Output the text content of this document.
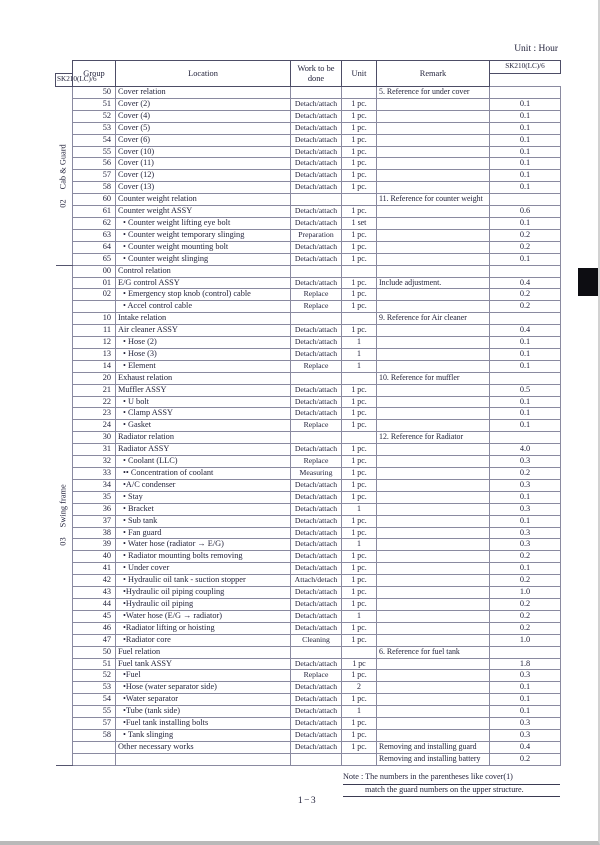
Unit : Hour
	Group	Location	Work to be done	Unit	Remark	SK210(LC)/6
SK210(LC)/6						

02
Cab & Guard	50	Cover relation			5. Reference for under cover	
	51	Cover (2)	Detach/attach	1 pc.		0.1
	52	Cover (4)	Detach/attach	1 pc.		0.1
	53	Cover (5)	Detach/attach	1 pc.		0.1
	54	Cover (6)	Detach/attach	1 pc.		0.1
	55	Cover (10)	Detach/attach	1 pc.		0.1
	56	Cover (11)	Detach/attach	1 pc.		0.1
	57	Cover (12)	Detach/attach	1 pc.		0.1
	58	Cover (13)	Detach/attach	1 pc.		0.1
	60	Counter weight relation			11. Reference for counter weight	
	61	Counter weight ASSY	Detach/attach	1 pc.		0.6
	62	• Counter weight lifting eye bolt	Detach/attach	1 set		0.1
	63	• Counter weight temporary slinging	Preparation	1 pc.		0.2
	64	• Counter weight mounting bolt	Detach/attach	1 pc.		0.2
	65	• Counter weight slinging	Detach/attach	1 pc.		0.1

03
Swing frame	00	Control relation				
	01	E/G control ASSY	Detach/attach	1 pc.	Include adjustment.	0.4
	02	• Emergency stop knob (control) cable	Replace	1 pc.		0.2
		• Accel control cable	Replace	1 pc.		0.2
	10	Intake relation			9. Reference for Air cleaner	
	11	Air cleaner ASSY	Detach/attach	1 pc.		0.4
	12	• Hose (2)	Detach/attach	1		0.1
	13	• Hose (3)	Detach/attach	1		0.1
	14	• Element	Replace	1		0.1
	20	Exhaust relation			10. Reference for muffler	
	21	Muffler ASSY	Detach/attach	1 pc.		0.5
	22	• U bolt	Detach/attach	1 pc.		0.1
	23	• Clamp ASSY	Detach/attach	1 pc.		0.1
	24	• Gasket	Replace	1 pc.		0.1
	30	Radiator relation			12. Reference for Radiator	
	31	Radiator ASSY	Detach/attach	1 pc.		4.0
	32	• Coolant (LLC)	Replace	1 pc.		0.3
	33	•• Concentration of coolant	Measuring	1 pc.		0.2
	34	•A/C condenser	Detach/attach	1 pc.		0.3
	35	• Stay	Detach/attach	1 pc.		0.1
	36	• Bracket	Detach/attach	1		0.3
	37	• Sub tank	Detach/attach	1 pc.		0.1
	38	• Fan guard	Detach/attach	1 pc.		0.3
	39	• Water hose (radiator → E/G)	Detach/attach	1		0.3
	40	• Radiator mounting bolts removing	Detach/attach	1 pc.		0.2
	41	• Under cover	Detach/attach	1 pc.		0.1
	42	• Hydraulic oil tank - suction stopper	Attach/detach	1 pc.		0.2
	43	•Hydraulic oil piping coupling	Detach/attach	1 pc.		1.0
	44	•Hydraulic oil piping	Detach/attach	1 pc.		0.2
	45	•Water hose (E/G → radiator)	Detach/attach	1		0.2
	46	•Radiator lifting or hoisting	Detach/attach	1 pc.		0.2
	47	•Radiator core	Cleaning	1 pc.		1.0
	50	Fuel relation			6. Reference for fuel tank	
	51	Fuel tank ASSY	Detach/attach	1 pc		1.8
	52	•Fuel	Replace	1 pc.		0.3
	53	•Hose (water separator side)	Detach/attach	2		0.1
	54	•Water separator	Detach/attach	1 pc.		0.1
	55	•Tube (tank side)	Detach/attach	1		0.1
	57	•Fuel tank installing bolts	Detach/attach	1 pc.		0.3
	58	• Tank slinging	Detach/attach	1 pc.		0.3
		Other necessary works	Detach/attach	1 pc.	Removing and installing guard	0.4
					Removing and installing battery	0.2
Note : The numbers in the parentheses like cover(1)
match the guard numbers on the upper structure.
1−3
